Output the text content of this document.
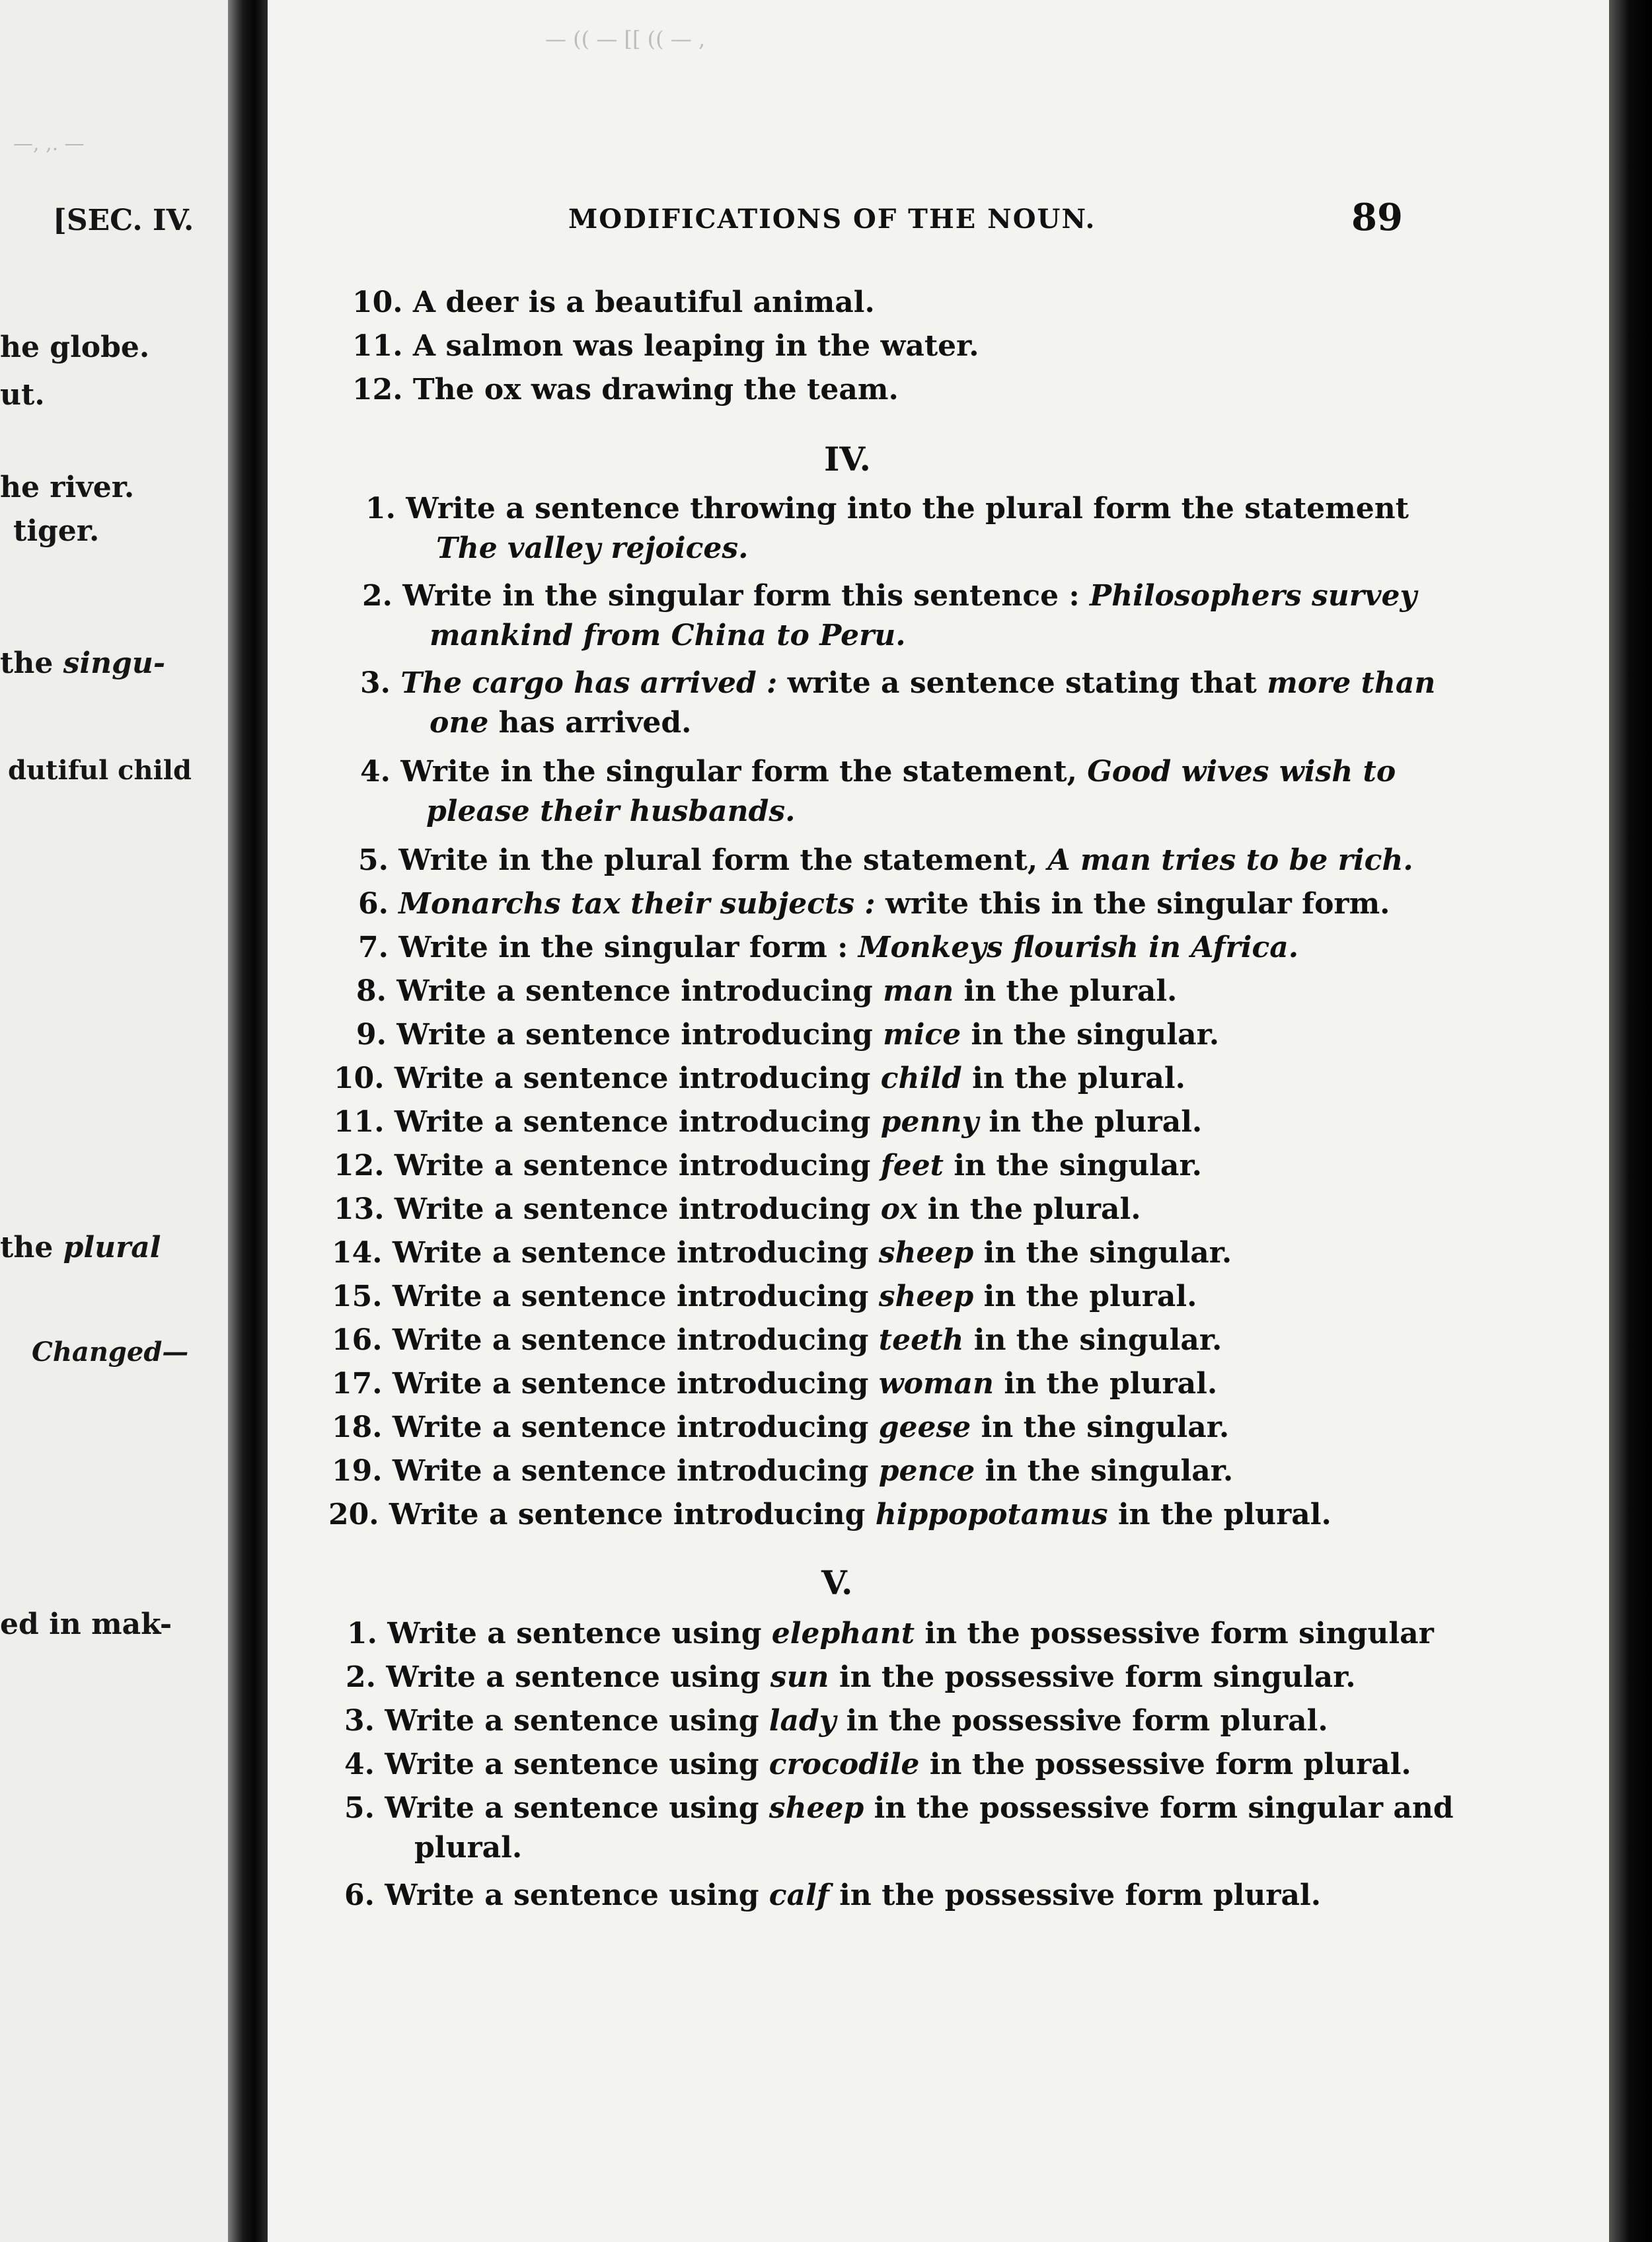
—, ,. —
[SEC. IV.
he globe.
ut.
he river.
tiger.
the singu-
dutiful child
the plural
Changed—
ed in mak-
— (( — [[ (( — ,
MODIFICATIONS OF THE NOUN.	89
10. A deer is a beautiful animal.
11. A salmon was leaping in the water.
12. The ox was drawing the team.
IV.
1. Write a sentence throwing into the plural form the statement
The valley rejoices.
2. Write in the singular form this sentence : Philosophers survey
mankind from China to Peru.
3. The cargo has arrived : write a sentence stating that more than
one has arrived.
4. Write in the singular form the statement, Good wives wish to
please their husbands.
5. Write in the plural form the statement, A man tries to be rich.
6. Monarchs tax their subjects : write this in the singular form.
7. Write in the singular form : Monkeys flourish in Africa.
8. Write a sentence introducing man in the plural.
9. Write a sentence introducing mice in the singular.
10. Write a sentence introducing child in the plural.
11. Write a sentence introducing penny in the plural.
12. Write a sentence introducing feet in the singular.
13. Write a sentence introducing ox in the plural.
14. Write a sentence introducing sheep in the singular.
15. Write a sentence introducing sheep in the plural.
16. Write a sentence introducing teeth in the singular.
17. Write a sentence introducing woman in the plural.
18. Write a sentence introducing geese in the singular.
19. Write a sentence introducing pence in the singular.
20. Write a sentence introducing hippopotamus in the plural.
V.
1. Write a sentence using elephant in the possessive form singular
2. Write a sentence using sun in the possessive form singular.
3. Write a sentence using lady in the possessive form plural.
4. Write a sentence using crocodile in the possessive form plural.
5. Write a sentence using sheep in the possessive form singular and
plural.
6. Write a sentence using calf in the possessive form plural.
